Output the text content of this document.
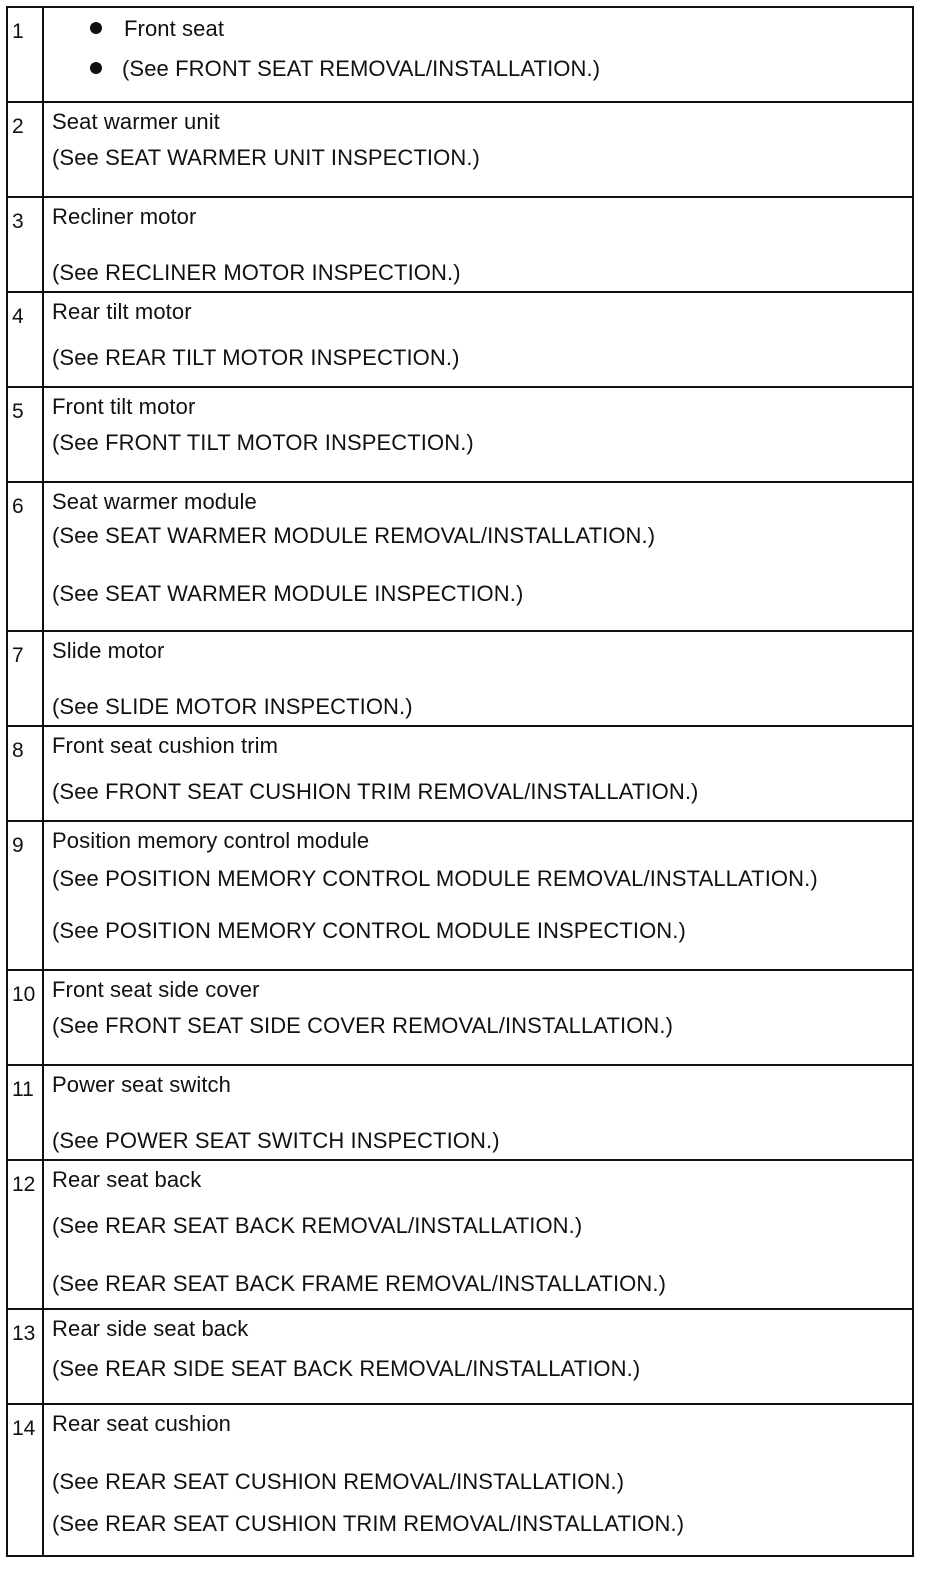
1	Front seat
(See FRONT SEAT REMOVAL/INSTALLATION.)
2	Seat warmer unit
(See SEAT WARMER UNIT INSPECTION.)
3	Recliner motor
(See RECLINER MOTOR INSPECTION.)
4	Rear tilt motor
(See REAR TILT MOTOR INSPECTION.)
5	Front tilt motor
(See FRONT TILT MOTOR INSPECTION.)
6	Seat warmer module
(See SEAT WARMER MODULE REMOVAL/INSTALLATION.)
(See SEAT WARMER MODULE INSPECTION.)
7	Slide motor
(See SLIDE MOTOR INSPECTION.)
8	Front seat cushion trim
(See FRONT SEAT CUSHION TRIM REMOVAL/INSTALLATION.)
9	Position memory control module
(See POSITION MEMORY CONTROL MODULE REMOVAL/INSTALLATION.)
(See POSITION MEMORY CONTROL MODULE INSPECTION.)
10 Front seat side cover
(See FRONT SEAT SIDE COVER REMOVAL/INSTALLATION.)
11 Power seat switch
(See POWER SEAT SWITCH INSPECTION.)
12 Rear seat back
(See REAR SEAT BACK REMOVAL/INSTALLATION.)
(See REAR SEAT BACK FRAME REMOVAL/INSTALLATION.)
13 Rear side seat back
(See REAR SIDE SEAT BACK REMOVAL/INSTALLATION.)
14 Rear seat cushion
(See REAR SEAT CUSHION REMOVAL/INSTALLATION.)
(See REAR SEAT CUSHION TRIM REMOVAL/INSTALLATION.)
